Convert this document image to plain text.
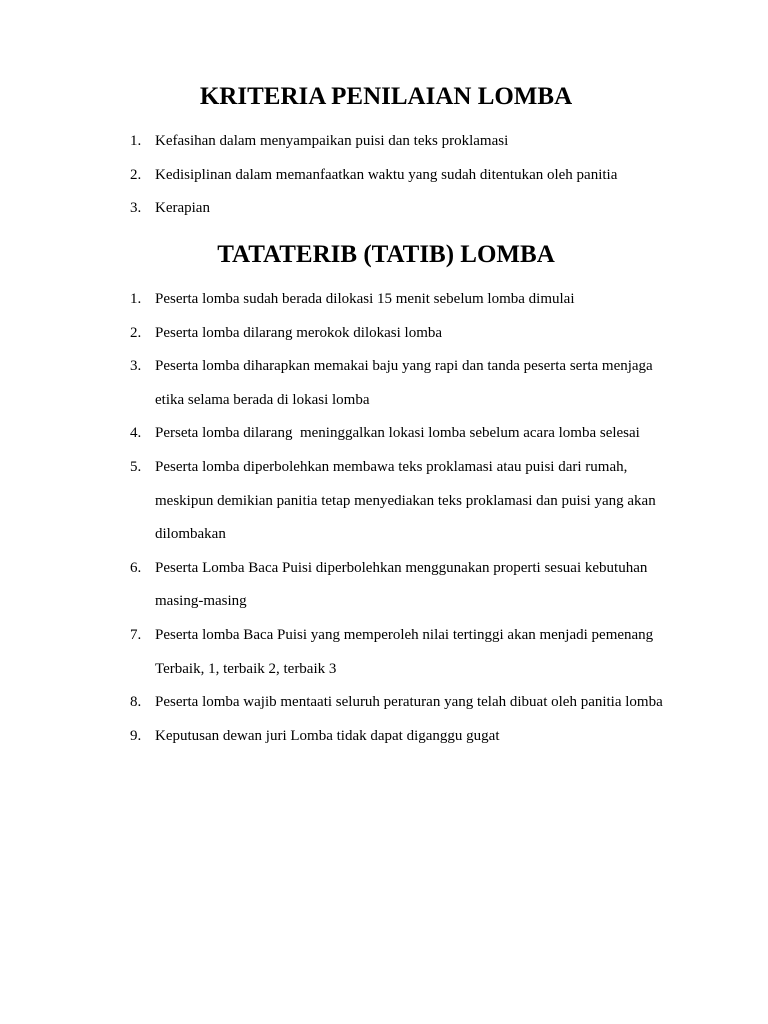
KRITERIA PENILAIAN LOMBA
1. Kefasihan dalam menyampaikan puisi dan teks proklamasi
2. Kedisiplinan dalam memanfaatkan waktu yang sudah ditentukan oleh panitia
3. Kerapian
TATATERIB (TATIB) LOMBA
1. Peserta lomba sudah berada dilokasi 15 menit sebelum lomba dimulai
2. Peserta lomba dilarang merokok dilokasi lomba
3. Peserta lomba diharapkan memakai baju yang rapi dan tanda peserta serta menjaga etika selama berada di lokasi lomba
4. Perseta lomba dilarang  meninggalkan lokasi lomba sebelum acara lomba selesai
5. Peserta lomba diperbolehkan membawa teks proklamasi atau puisi dari rumah, meskipun demikian panitia tetap menyediakan teks proklamasi dan puisi yang akan dilombakan
6. Peserta Lomba Baca Puisi diperbolehkan menggunakan properti sesuai kebutuhan masing-masing
7. Peserta lomba Baca Puisi yang memperoleh nilai tertinggi akan menjadi pemenang Terbaik, 1, terbaik 2, terbaik 3
8. Peserta lomba wajib mentaati seluruh peraturan yang telah dibuat oleh panitia lomba
9. Keputusan dewan juri Lomba tidak dapat diganggu gugat
